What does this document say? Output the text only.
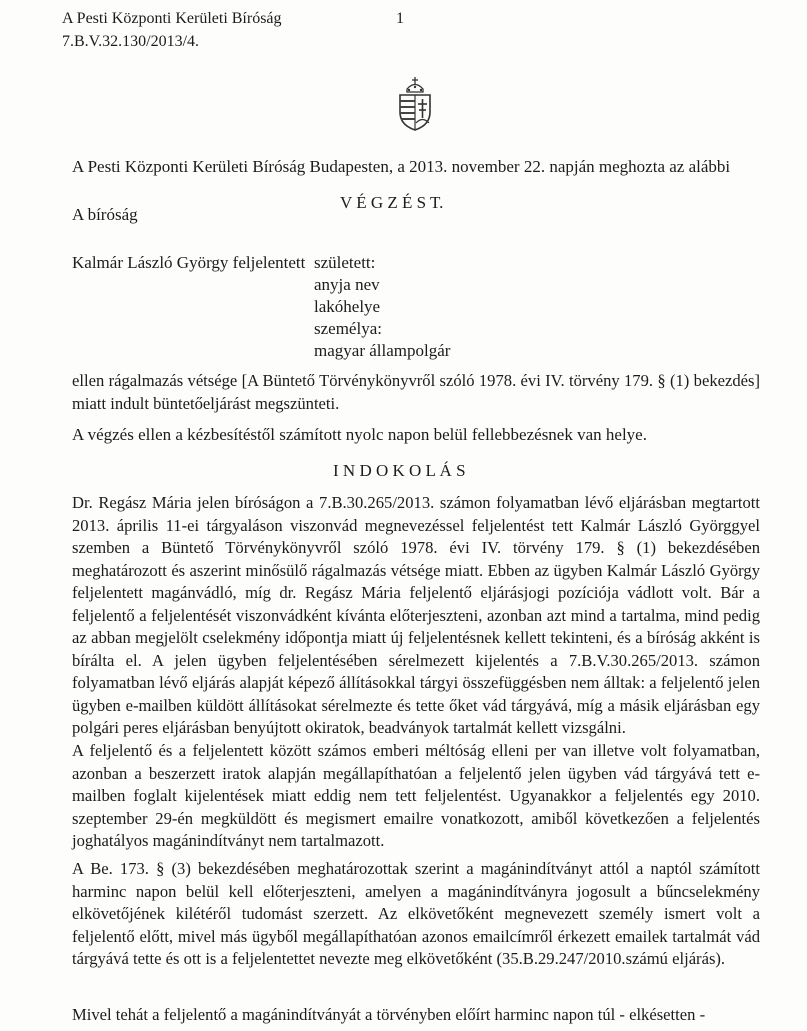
A Pesti Központi Kerületi Bíróság
7.B.V.32.130/2013/4.
1
A Pesti Központi Kerületi Bíróság Budapesten, a 2013. november 22. napján meghozta az alábbi
V É G Z É S T.
A bíróság
Kalmár László György feljelentett született:
anyja nev
lakóhelye
személya:
magyar állampolgár
ellen rágalmazás vétsége [A Büntető Törvénykönyvről szóló 1978. évi IV. törvény 179. § (1) bekezdés] miatt indult büntetőeljárást megszünteti.
A végzés ellen a kézbesítéstől számított nyolc napon belül fellebbezésnek van helye.
I N D O K O L Á S
Dr. Regász Mária jelen bíróságon a 7.B.30.265/2013. számon folyamatban lévő eljárásban megtartott 2013. április 11-ei tárgyaláson viszonvád megnevezéssel feljelentést tett Kalmár László Györggyel szemben a Büntető Törvénykönyvről szóló 1978. évi IV. törvény 179. § (1) bekezdésében meghatározott és aszerint minősülő rágalmazás vétsége miatt. Ebben az ügyben Kalmár László György feljelentett magánvádló, míg dr. Regász Mária feljelentő eljárásjogi pozíciója vádlott volt. Bár a feljelentő a feljelentését viszonvádként kívánta előterjeszteni, azonban azt mind a tartalma, mind pedig az abban megjelölt cselekmény időpontja miatt új feljelentésnek kellett tekinteni, és a bíróság akként is bírálta el. A jelen ügyben feljelentésében sérelmezett kijelentés a 7.B.V.30.265/2013. számon folyamatban lévő eljárás alapját képező állításokkal tárgyi összefüggésben nem álltak: a feljelentő jelen ügyben e-mailben küldött állításokat sérelmezte és tette őket vád tárgyává, míg a másik eljárásban egy polgári peres eljárásban benyújtott okiratok, beadványok tartalmát kellett vizsgálni.
A feljelentő és a feljelentett között számos emberi méltóság elleni per van illetve volt folyamatban, azonban a beszerzett iratok alapján megállapíthatóan a feljelentő jelen ügyben vád tárgyává tett e-mailben foglalt kijelentések miatt eddig nem tett feljelentést. Ugyanakkor a feljelentés egy 2010. szeptember 29-én megküldött és megismert emailre vonatkozott, amiből következően a feljelentés joghatályos magánindítványt nem tartalmazott.
A Be. 173. § (3) bekezdésében meghatározottak szerint a magánindítványt attól a naptól számított harminc napon belül kell előterjeszteni, amelyen a magánindítványra jogosult a bűncselekmény elkövetőjének kilétéről tudomást szerzett. Az elkövetőként megnevezett személy ismert volt a feljelentő előtt, mivel más ügyből megállapíthatóan azonos emailcímről érkezett emailek tartalmát vád tárgyává tette és ott is a feljelentettet nevezte meg elkövetőként (35.B.29.247/2010.számú eljárás).
Mivel tehát a feljelentő a magánindítványát a törvényben előírt harminc napon túl - elkésetten -
